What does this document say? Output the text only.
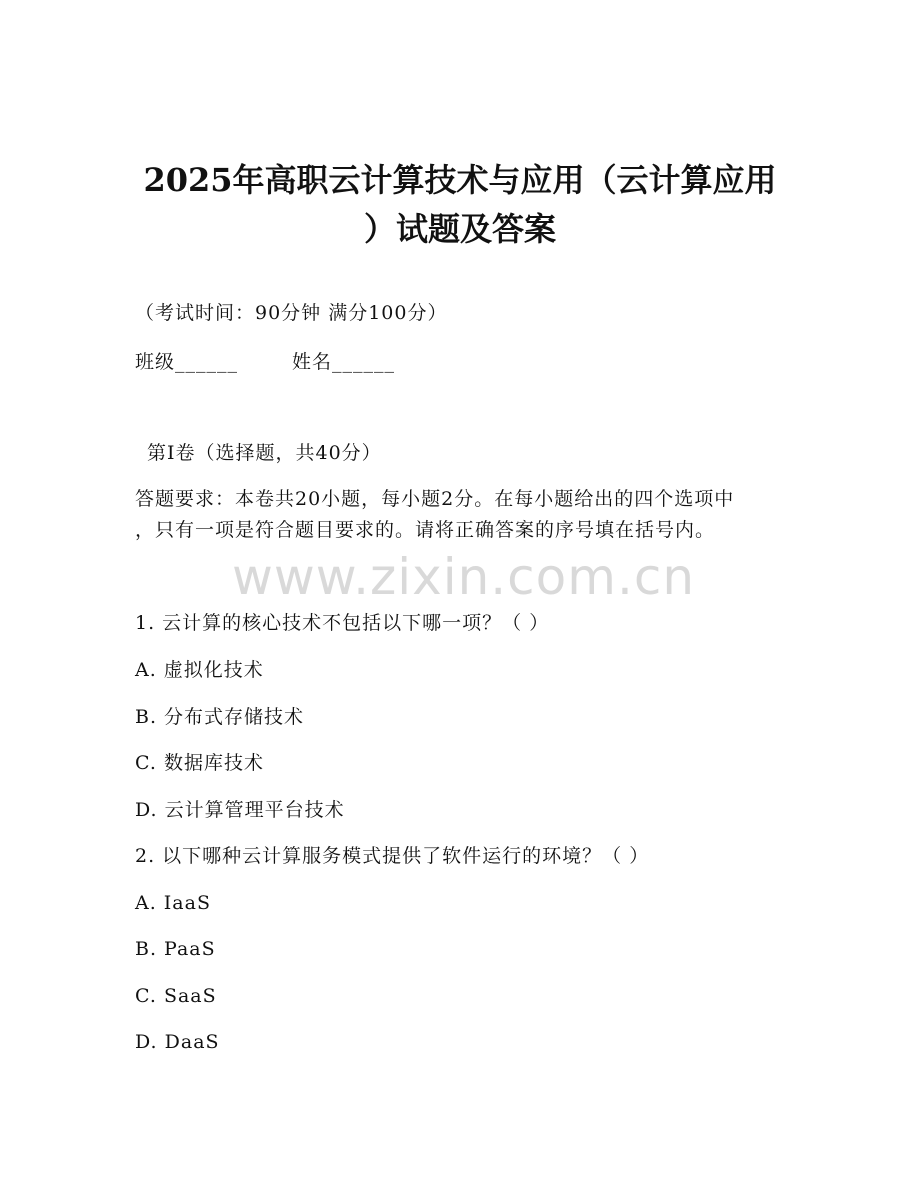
2025年高职云计算技术与应用（云计算应用
）试题及答案
（考试时间：90分钟 满分100分）
班级______	姓名______
第I卷（选择题，共40分）
答题要求：本卷共20小题，每小题2分。在每小题给出的四个选项中
，只有一项是符合题目要求的。请将正确答案的序号填在括号内。
www.zixin.com.cn
1. 云计算的核心技术不包括以下哪一项？（ ）
A. 虚拟化技术
B. 分布式存储技术
C. 数据库技术
D. 云计算管理平台技术
2. 以下哪种云计算服务模式提供了软件运行的环境？（ ）
A. IaaS
B. PaaS
C. SaaS
D. DaaS
